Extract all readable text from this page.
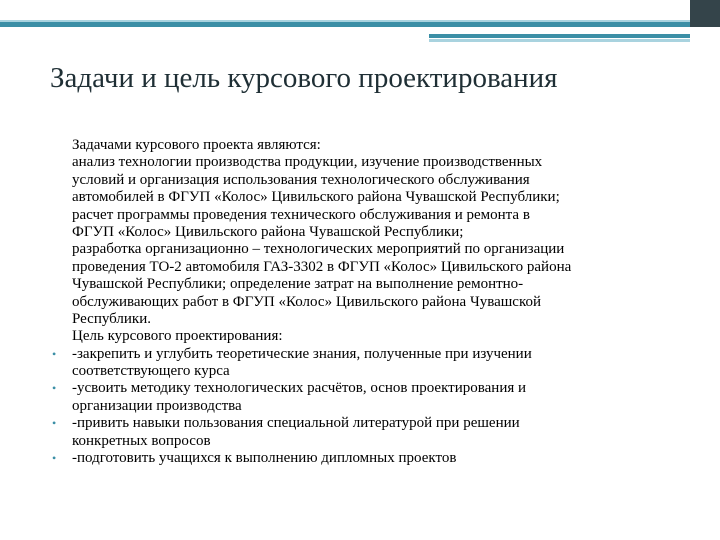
Задачи и цель курсового проектирования
Задачами курсового проекта являются:
анализ технологии производства продукции, изучение производственных
условий и организация использования технологического обслуживания
автомобилей в ФГУП «Колос» Цивильского района Чувашской Республики;
расчет программы проведения технического обслуживания и ремонта в
ФГУП «Колос» Цивильского района Чувашской Республики;
разработка организационно – технологических мероприятий по организации
проведения ТО-2 автомобиля ГАЗ-3302 в ФГУП «Колос» Цивильского района
Чувашской Республики; определение затрат на выполнение ремонтно-
обслуживающих работ в ФГУП «Колос» Цивильского района Чувашской
Республики.
Цель курсового проектирования:
• -закрепить и углубить теоретические знания, полученные при изучении
соответствующего курса
• -усвоить методику технологических расчётов, основ проектирования и
организации производства
• -привить навыки пользования специальной литературой при решении
конкретных вопросов
• -подготовить учащихся к выполнению дипломных проектов
